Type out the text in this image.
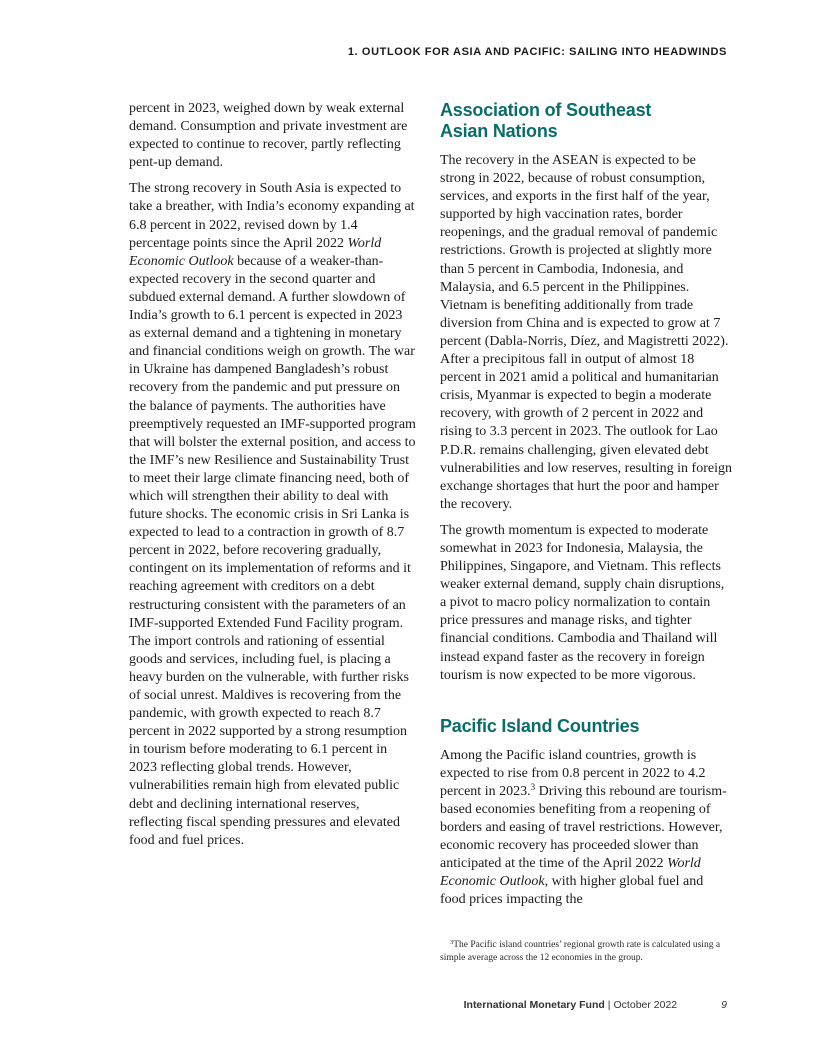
1. OUTLOOK FOR ASIA AND PACIFIC: SAILING INTO HEADWINDS

percent in 2023, weighed down by weak external demand. Consumption and private investment are expected to continue to recover, partly reflecting pent-up demand.

The strong recovery in South Asia is expected to take a breather, with India’s economy expanding at 6.8 percent in 2022, revised down by 1.4 percentage points since the April 2022 World Economic Outlook because of a weaker-than-expected recovery in the second quarter and subdued external demand. A further slowdown of India’s growth to 6.1 percent is expected in 2023 as external demand and a tightening in monetary and financial conditions weigh on growth. The war in Ukraine has dampened Bangladesh’s robust recovery from the pandemic and put pressure on the balance of payments. The authorities have preemptively requested an IMF-supported program that will bolster the external position, and access to the IMF’s new Resilience and Sustainability Trust to meet their large climate financing need, both of which will strengthen their ability to deal with future shocks. The economic crisis in Sri Lanka is expected to lead to a contraction in growth of 8.7 percent in 2022, before recovering gradually, contingent on its implementation of reforms and it reaching agreement with creditors on a debt restructuring consistent with the parameters of an IMF-supported Extended Fund Facility program. The import controls and rationing of essential goods and services, including fuel, is placing a heavy burden on the vulnerable, with further risks of social unrest. Maldives is recovering from the pandemic, with growth expected to reach 8.7 percent in 2022 supported by a strong resumption in tourism before moderating to 6.1 percent in 2023 reflecting global trends. However, vulnerabilities remain high from elevated public debt and declining international reserves, reflecting fiscal spending pressures and elevated food and fuel prices.

Association of Southeast
Asian Nations

The recovery in the ASEAN is expected to be strong in 2022, because of robust consumption, services, and exports in the first half of the year, supported by high vaccination rates, border reopenings, and the gradual removal of pandemic restrictions. Growth is projected at slightly more than 5 percent in Cambodia, Indonesia, and Malaysia, and 6.5 percent in the Philippines. Vietnam is benefiting additionally from trade diversion from China and is expected to grow at 7 percent (Dabla-Norris, Díez, and Magistretti 2022). After a precipitous fall in output of almost 18 percent in 2021 amid a political and humanitarian crisis, Myanmar is expected to begin a moderate recovery, with growth of 2 percent in 2022 and rising to 3.3 percent in 2023. The outlook for Lao P.D.R. remains challenging, given elevated debt vulnerabilities and low reserves, resulting in foreign exchange shortages that hurt the poor and hamper the recovery.

The growth momentum is expected to moderate somewhat in 2023 for Indonesia, Malaysia, the Philippines, Singapore, and Vietnam. This reflects weaker external demand, supply chain disruptions, a pivot to macro policy normalization to contain price pressures and manage risks, and tighter financial conditions. Cambodia and Thailand will instead expand faster as the recovery in foreign tourism is now expected to be more vigorous.

Pacific Island Countries

Among the Pacific island countries, growth is expected to rise from 0.8 percent in 2022 to 4.2 percent in 2023.$^3$ Driving this rebound are tourism-based economies benefiting from a reopening of borders and easing of travel restrictions. However, economic recovery has proceeded slower than anticipated at the time of the April 2022 World Economic Outlook, with higher global fuel and food prices impacting the

$^3$The Pacific island countries’ regional growth rate is calculated using a simple average across the 12 economies in the group.

International Monetary Fund | October 2022	9
